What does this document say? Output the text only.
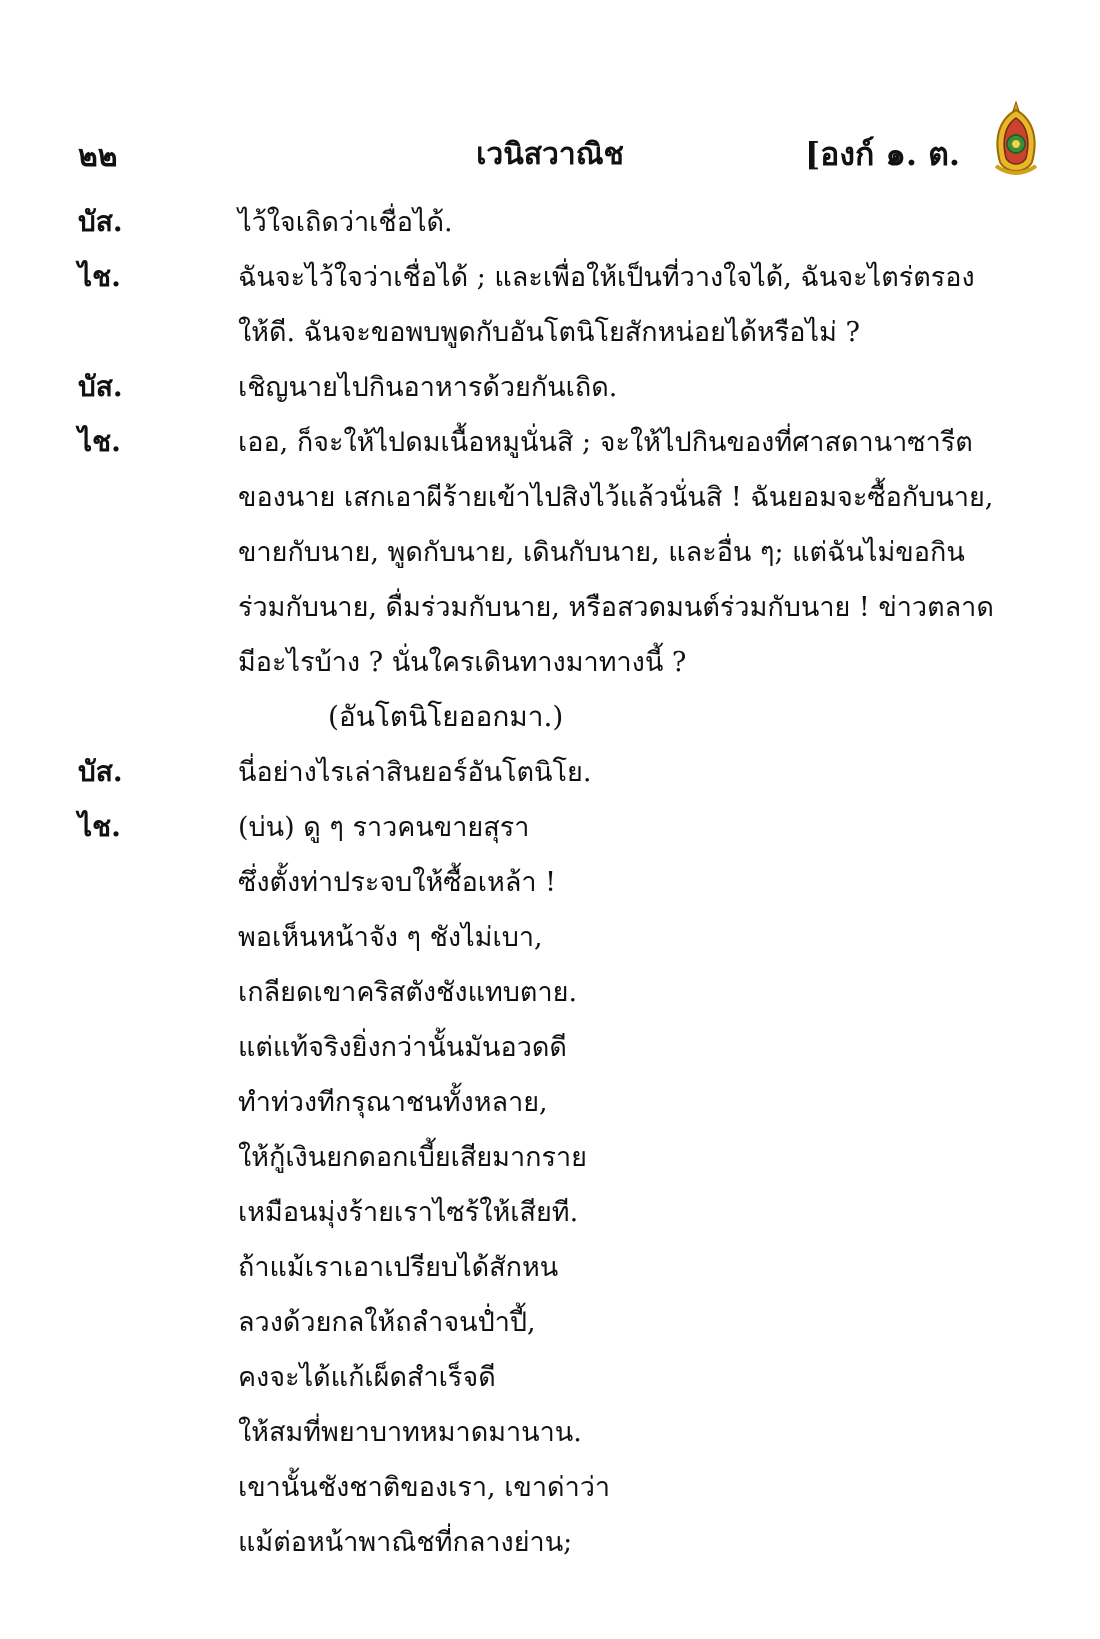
๒๒	เวนิสวาณิช	[องก์ ๑. ต.
บัส.	ไว้ใจเถิดว่าเชื่อได้.
ไช.	ฉันจะไว้ใจว่าเชื่อได้ ; และเพื่อให้เป็นที่วางใจได้, ฉันจะไตร่ตรอง
ให้ดี. ฉันจะขอพบพูดกับอันโตนิโยสักหน่อยได้หรือไม่ ?
บัส.	เชิญนายไปกินอาหารด้วยกันเถิด.
ไช.	เออ, ก็จะให้ไปดมเนื้อหมูนั่นสิ ; จะให้ไปกินของที่ศาสดานาซารีต
ของนาย เสกเอาผีร้ายเข้าไปสิงไว้แล้วนั่นสิ ! ฉันยอมจะซื้อกับนาย,
ขายกับนาย, พูดกับนาย, เดินกับนาย, และอื่น ๆ; แต่ฉันไม่ขอกิน
ร่วมกับนาย, ดื่มร่วมกับนาย, หรือสวดมนต์ร่วมกับนาย ! ข่าวตลาด
มีอะไรบ้าง ? นั่นใครเดินทางมาทางนี้ ?
(อันโตนิโยออกมา.)
บัส.	นี่อย่างไรเล่าสินยอร์อันโตนิโย.
ไช.	(บ่น) ดู ๆ ราวคนขายสุรา
ซึ่งตั้งท่าประจบให้ซื้อเหล้า !
พอเห็นหน้าจัง ๆ ชังไม่เบา,
เกลียดเขาคริสตังชังแทบตาย.
แต่แท้จริงยิ่งกว่านั้นมันอวดดี
ทำท่วงทีกรุณาชนทั้งหลาย,
ให้กู้เงินยกดอกเบี้ยเสียมากราย
เหมือนมุ่งร้ายเราไซร้ให้เสียที.
ถ้าแม้เราเอาเปรียบได้สักหน
ลวงด้วยกลให้ถลำจนป่ำปี้,
คงจะได้แก้เผ็ดสำเร็จดี
ให้สมที่พยาบาทหมาดมานาน.
เขานั้นชังชาติของเรา, เขาด่าว่า
แม้ต่อหน้าพาณิชที่กลางย่าน;
